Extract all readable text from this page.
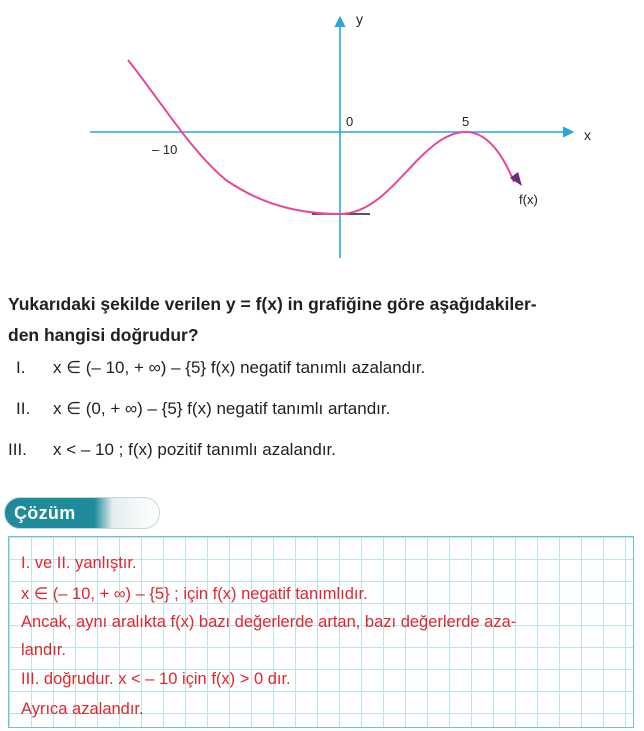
y
x
0
– 10
5
f(x)
Yukarıdaki şekilde verilen y = f(x) in grafiğine göre aşağıdakiler-
den hangisi doğrudur?
I. x ∈ (– 10, + ∞) – {5} f(x) negatif tanımlı azalandır.
II. x ∈ (0, + ∞) – {5} f(x) negatif tanımlı artandır.
III. x < – 10 ; f(x) pozitif tanımlı azalandır.
Çözüm
I. ve II. yanlıştır.
x ∈ (– 10, + ∞) – {5} ; için f(x) negatif tanımlıdır.
Ancak, aynı aralıkta f(x) bazı değerlerde artan, bazı değerlerde aza-
landır.
III. doğrudur. x < – 10 için f(x) > 0 dır.
Ayrıca azalandır.
